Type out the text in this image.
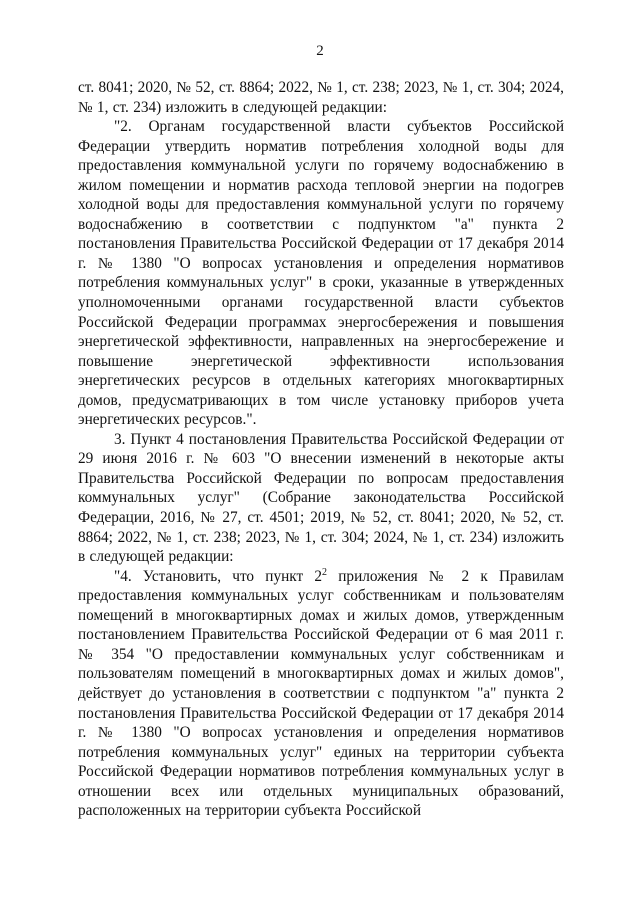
2

ст. 8041; 2020, № 52, ст. 8864; 2022, № 1, ст. 238; 2023, № 1, ст. 304; 2024, № 1, ст. 234) изложить в следующей редакции:

"2. Органам государственной власти субъектов Российской Федерации утвердить норматив потребления холодной воды для предоставления коммунальной услуги по горячему водоснабжению в жилом помещении и норматив расхода тепловой энергии на подогрев холодной воды для предоставления коммунальной услуги по горячему водоснабжению в соответствии с подпунктом "а" пункта 2 постановления Правительства Российской Федерации от 17 декабря 2014 г. № 1380 "О вопросах установления и определения нормативов потребления коммунальных услуг" в сроки, указанные в утвержденных уполномоченными органами государственной власти субъектов Российской Федерации программах энергосбережения и повышения энергетической эффективности, направленных на энергосбережение и повышение энергетической эффективности использования энергетических ресурсов в отдельных категориях многоквартирных домов, предусматривающих в том числе установку приборов учета энергетических ресурсов.".

3. Пункт 4 постановления Правительства Российской Федерации от 29 июня 2016 г. № 603 "О внесении изменений в некоторые акты Правительства Российской Федерации по вопросам предоставления коммунальных услуг" (Собрание законодательства Российской Федерации, 2016, № 27, ст. 4501; 2019, № 52, ст. 8041; 2020, № 52, ст. 8864; 2022, № 1, ст. 238; 2023, № 1, ст. 304; 2024, № 1, ст. 234) изложить в следующей редакции:

"4. Установить, что пункт $2^2$ приложения № 2 к Правилам предоставления коммунальных услуг собственникам и пользователям помещений в многоквартирных домах и жилых домов, утвержденным постановлением Правительства Российской Федерации от 6 мая 2011 г. № 354 "О предоставлении коммунальных услуг собственникам и пользователям помещений в многоквартирных домах и жилых домов", действует до установления в соответствии с подпунктом "а" пункта 2 постановления Правительства Российской Федерации от 17 декабря 2014 г. № 1380 "О вопросах установления и определения нормативов потребления коммунальных услуг" единых на территории субъекта Российской Федерации нормативов потребления коммунальных услуг в отношении всех или отдельных муниципальных образований, расположенных на территории субъекта Российской
